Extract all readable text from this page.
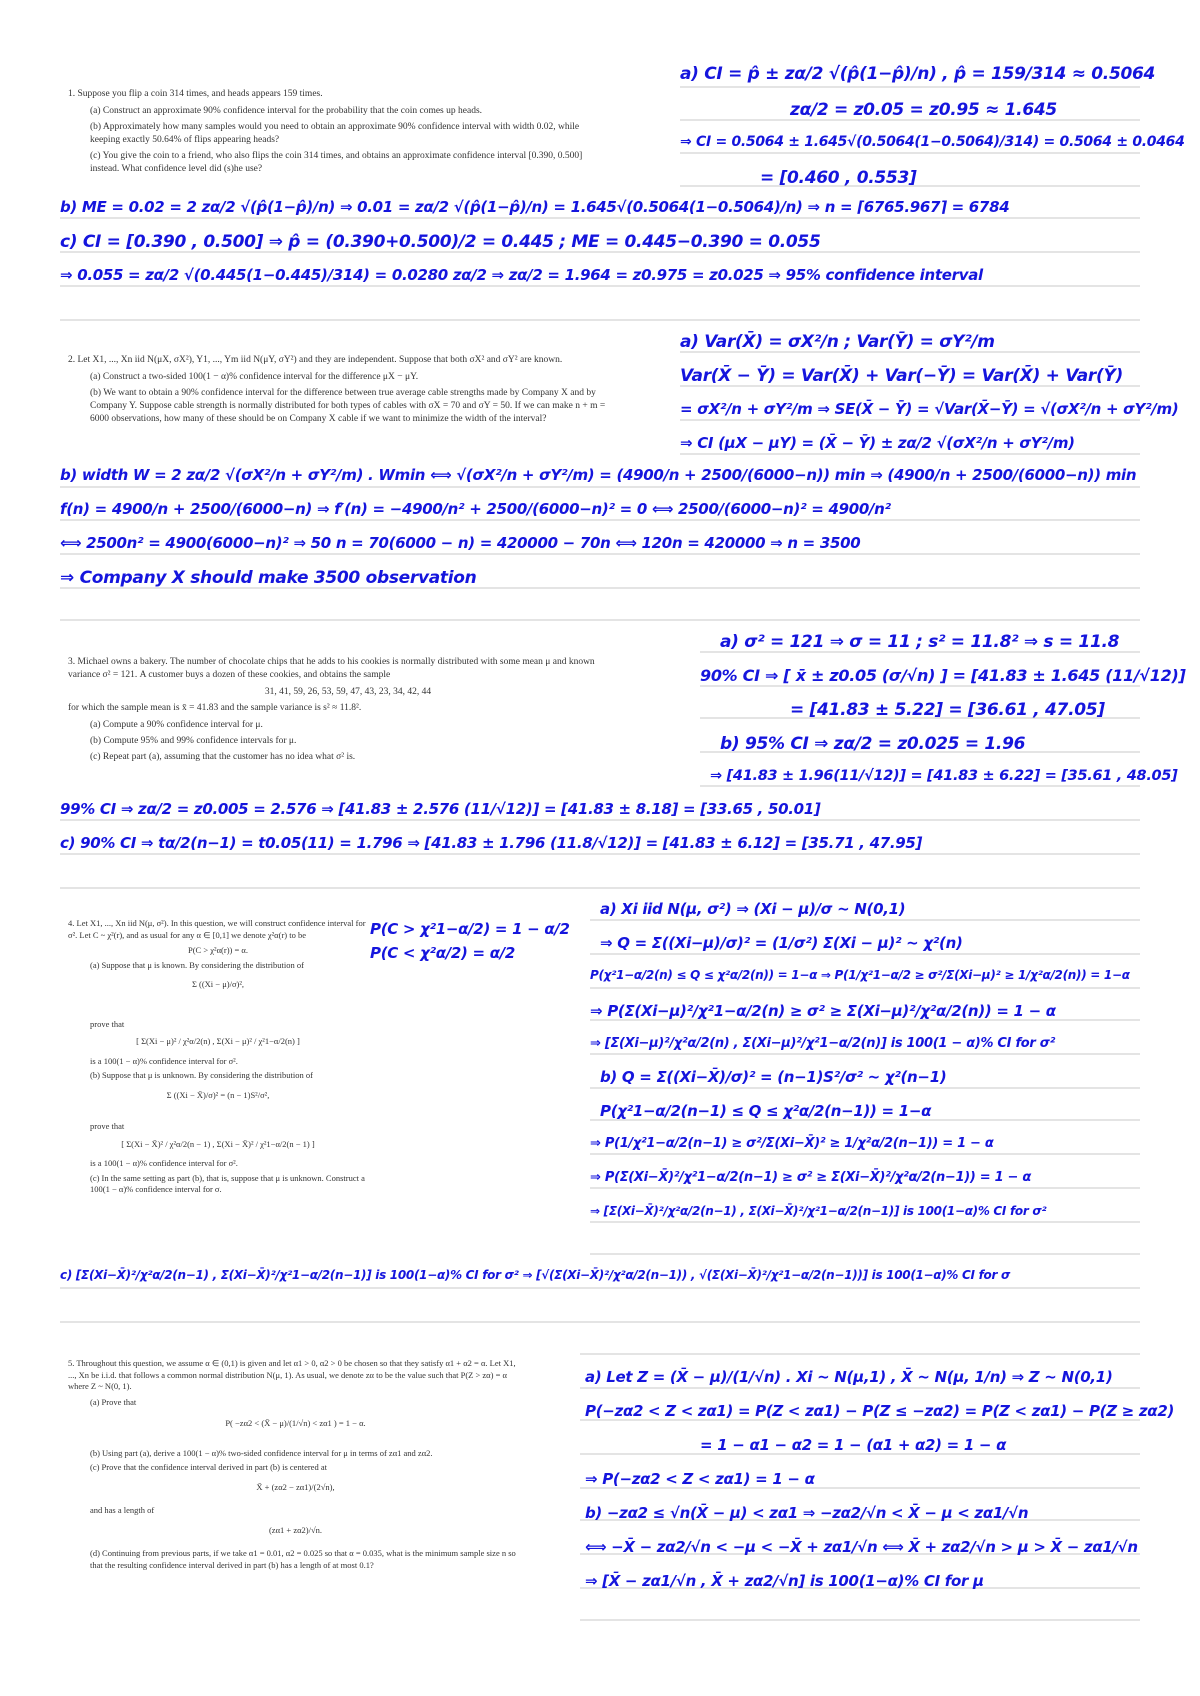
1. Suppose you flip a coin 314 times, and heads appears 159 times.

(a) Construct an approximate 90% confidence interval for the probability that the coin comes up heads.

(b) Approximately how many samples would you need to obtain an approximate 90% confidence interval with width 0.02, while keeping exactly 50.64% of flips appearing heads?

(c) You give the coin to a friend, who also flips the coin 314 times, and obtains an approximate confidence interval [0.390, 0.500] instead. What confidence level did (s)he use?

2. Let X1, ..., Xn iid N(μX, σX²), Y1, ..., Ym iid N(μY, σY²) and they are independent. Suppose that both σX² and σY² are known.

(a) Construct a two-sided 100(1 − α)% confidence interval for the difference μX − μY.

(b) We want to obtain a 90% confidence interval for the difference between true average cable strengths made by Company X and by Company Y. Suppose cable strength is normally distributed for both types of cables with σX = 70 and σY = 50. If we can make n + m = 6000 observations, how many of these should be on Company X cable if we want to minimize the width of the interval?

3. Michael owns a bakery. The number of chocolate chips that he adds to his cookies is normally distributed with some mean μ and known variance σ² = 121. A customer buys a dozen of these cookies, and obtains the sample

31, 41, 59, 26, 53, 59, 47, 43, 23, 34, 42, 44

for which the sample mean is x̄ = 41.83 and the sample variance is s² ≈ 11.8².

(a) Compute a 90% confidence interval for μ.

(b) Compute 95% and 99% confidence intervals for μ.

(c) Repeat part (a), assuming that the customer has no idea what σ² is.

4. Let X1, ..., Xn iid N(μ, σ²). In this question, we will construct confidence interval for σ². Let C ~ χ²(r), and as usual for any α ∈ [0,1] we denote χ²α(r) to be

P(C > χ²α(r)) = α.

(a) Suppose that μ is known. By considering the distribution of

Σ ((Xi − μ)/σ)²,

prove that

[ Σ(Xi − μ)² / χ²α/2(n) , Σ(Xi − μ)² / χ²1−α/2(n) ]

is a 100(1 − α)% confidence interval for σ².

(b) Suppose that μ is unknown. By considering the distribution of

Σ ((Xi − X̄)/σ)² = (n − 1)S²/σ²,

prove that

[ Σ(Xi − X̄)² / χ²α/2(n − 1) , Σ(Xi − X̄)² / χ²1−α/2(n − 1) ]

is a 100(1 − α)% confidence interval for σ².

(c) In the same setting as part (b), that is, suppose that μ is unknown. Construct a 100(1 − α)% confidence interval for σ.

5. Throughout this question, we assume α ∈ (0,1) is given and let α1 > 0, α2 > 0 be chosen so that they satisfy α1 + α2 = α. Let X1, ..., Xn be i.i.d. that follows a common normal distribution N(μ, 1). As usual, we denote zα to be the value such that P(Z > zα) = α where Z ~ N(0, 1).

(a) Prove that

P( −zα2 < (X̄ − μ)/(1/√n) < zα1 ) = 1 − α.

(b) Using part (a), derive a 100(1 − α)% two-sided confidence interval for μ in terms of zα1 and zα2.

(c) Prove that the confidence interval derived in part (b) is centered at

X̄ + (zα2 − zα1)/(2√n),

and has a length of

(zα1 + zα2)/√n.

(d) Continuing from previous parts, if we take α1 = 0.01, α2 = 0.025 so that α = 0.035, what is the minimum sample size n so that the resulting confidence interval derived in part (b) has a length of at most 0.1?

a) CI = p̂ ± zα/2 √(p̂(1−p̂)/n) , p̂ = 159/314 ≈ 0.5064
zα/2 = z0.05 = z0.95 ≈ 1.645
⇒ CI = 0.5064 ± 1.645√(0.5064(1−0.5064)/314) = 0.5064 ± 0.0464
= [0.460 , 0.553]
b) ME = 0.02 = 2 zα/2 √(p̂(1−p̂)/n) ⇒ 0.01 = zα/2 √(p̂(1−p̂)/n) = 1.645√(0.5064(1−0.5064)/n) ⇒ n = ⌈6765.967⌉ = 6784
c) CI = [0.390 , 0.500] ⇒ p̂ = (0.390+0.500)/2 = 0.445 ; ME = 0.445−0.390 = 0.055
⇒ 0.055 = zα/2 √(0.445(1−0.445)/314) = 0.0280 zα/2 ⇒ zα/2 = 1.964 = z0.975 = z0.025 ⇒ 95% confidence interval
a) Var(X̄) = σX²/n ; Var(Ȳ) = σY²/m
Var(X̄ − Ȳ) = Var(X̄) + Var(−Ȳ) = Var(X̄) + Var(Ȳ)
= σX²/n + σY²/m ⇒ SE(X̄ − Ȳ) = √Var(X̄−Ȳ) = √(σX²/n + σY²/m)
⇒ CI (μX − μY) = (X̄ − Ȳ) ± zα/2 √(σX²/n + σY²/m)
b) width W = 2 zα/2 √(σX²/n + σY²/m) . Wmin ⟺ √(σX²/n + σY²/m) = (4900/n + 2500/(6000−n)) min ⇒ (4900/n + 2500/(6000−n)) min
f(n) = 4900/n + 2500/(6000−n) ⇒ f′(n) = −4900/n² + 2500/(6000−n)² = 0 ⟺ 2500/(6000−n)² = 4900/n²
⟺ 2500n² = 4900(6000−n)² ⇒ 50 n = 70(6000 − n) = 420000 − 70n ⟺ 120n = 420000 ⇒ n = 3500
⇒ Company X should make 3500 observation
a) σ² = 121 ⇒ σ = 11 ; s² = 11.8² ⇒ s = 11.8
90% CI ⇒ [ x̄ ± z0.05 (σ/√n) ] = [41.83 ± 1.645 (11/√12)]
= [41.83 ± 5.22] = [36.61 , 47.05]
b) 95% CI ⇒ zα/2 = z0.025 = 1.96
⇒ [41.83 ± 1.96(11/√12)] = [41.83 ± 6.22] = [35.61 , 48.05]
99% CI ⇒ zα/2 = z0.005 = 2.576 ⇒ [41.83 ± 2.576 (11/√12)] = [41.83 ± 8.18] = [33.65 , 50.01]
c) 90% CI ⇒ tα/2(n−1) = t0.05(11) = 1.796 ⇒ [41.83 ± 1.796 (11.8/√12)] = [41.83 ± 6.12] = [35.71 , 47.95]
P(C > χ²1−α/2) = 1 − α/2
P(C < χ²α/2) = α/2
a) Xi iid N(μ, σ²) ⇒ (Xi − μ)/σ ~ N(0,1)
⇒ Q = Σ((Xi−μ)/σ)² = (1/σ²) Σ(Xi − μ)² ~ χ²(n)
P(χ²1−α/2(n) ≤ Q ≤ χ²α/2(n)) = 1−α ⇒ P(1/χ²1−α/2 ≥ σ²/Σ(Xi−μ)² ≥ 1/χ²α/2(n)) = 1−α
⇒ P(Σ(Xi−μ)²/χ²1−α/2(n) ≥ σ² ≥ Σ(Xi−μ)²/χ²α/2(n)) = 1 − α
⇒ [Σ(Xi−μ)²/χ²α/2(n) , Σ(Xi−μ)²/χ²1−α/2(n)] is 100(1 − α)% CI for σ²
b) Q = Σ((Xi−X̄)/σ)² = (n−1)S²/σ² ~ χ²(n−1)
P(χ²1−α/2(n−1) ≤ Q ≤ χ²α/2(n−1)) = 1−α
⇒ P(1/χ²1−α/2(n−1) ≥ σ²/Σ(Xi−X̄)² ≥ 1/χ²α/2(n−1)) = 1 − α
⇒ P(Σ(Xi−X̄)²/χ²1−α/2(n−1) ≥ σ² ≥ Σ(Xi−X̄)²/χ²α/2(n−1)) = 1 − α
⇒ [Σ(Xi−X̄)²/χ²α/2(n−1) , Σ(Xi−X̄)²/χ²1−α/2(n−1)] is 100(1−α)% CI for σ²
c) [Σ(Xi−X̄)²/χ²α/2(n−1) , Σ(Xi−X̄)²/χ²1−α/2(n−1)] is 100(1−α)% CI for σ² ⇒ [√(Σ(Xi−X̄)²/χ²α/2(n−1)) , √(Σ(Xi−X̄)²/χ²1−α/2(n−1))] is 100(1−α)% CI for σ
a) Let Z = (X̄ − μ)/(1/√n) . Xi ~ N(μ,1) , X̄ ~ N(μ, 1/n) ⇒ Z ~ N(0,1)
P(−zα2 < Z < zα1) = P(Z < zα1) − P(Z ≤ −zα2) = P(Z < zα1) − P(Z ≥ zα2)
= 1 − α1 − α2 = 1 − (α1 + α2) = 1 − α
⇒ P(−zα2 < Z < zα1) = 1 − α
b) −zα2 ≤ √n(X̄ − μ) < zα1 ⇒ −zα2/√n < X̄ − μ < zα1/√n
⟺ −X̄ − zα2/√n < −μ < −X̄ + zα1/√n ⟺ X̄ + zα2/√n > μ > X̄ − zα1/√n
⇒ [X̄ − zα1/√n , X̄ + zα2/√n] is 100(1−α)% CI for μ
